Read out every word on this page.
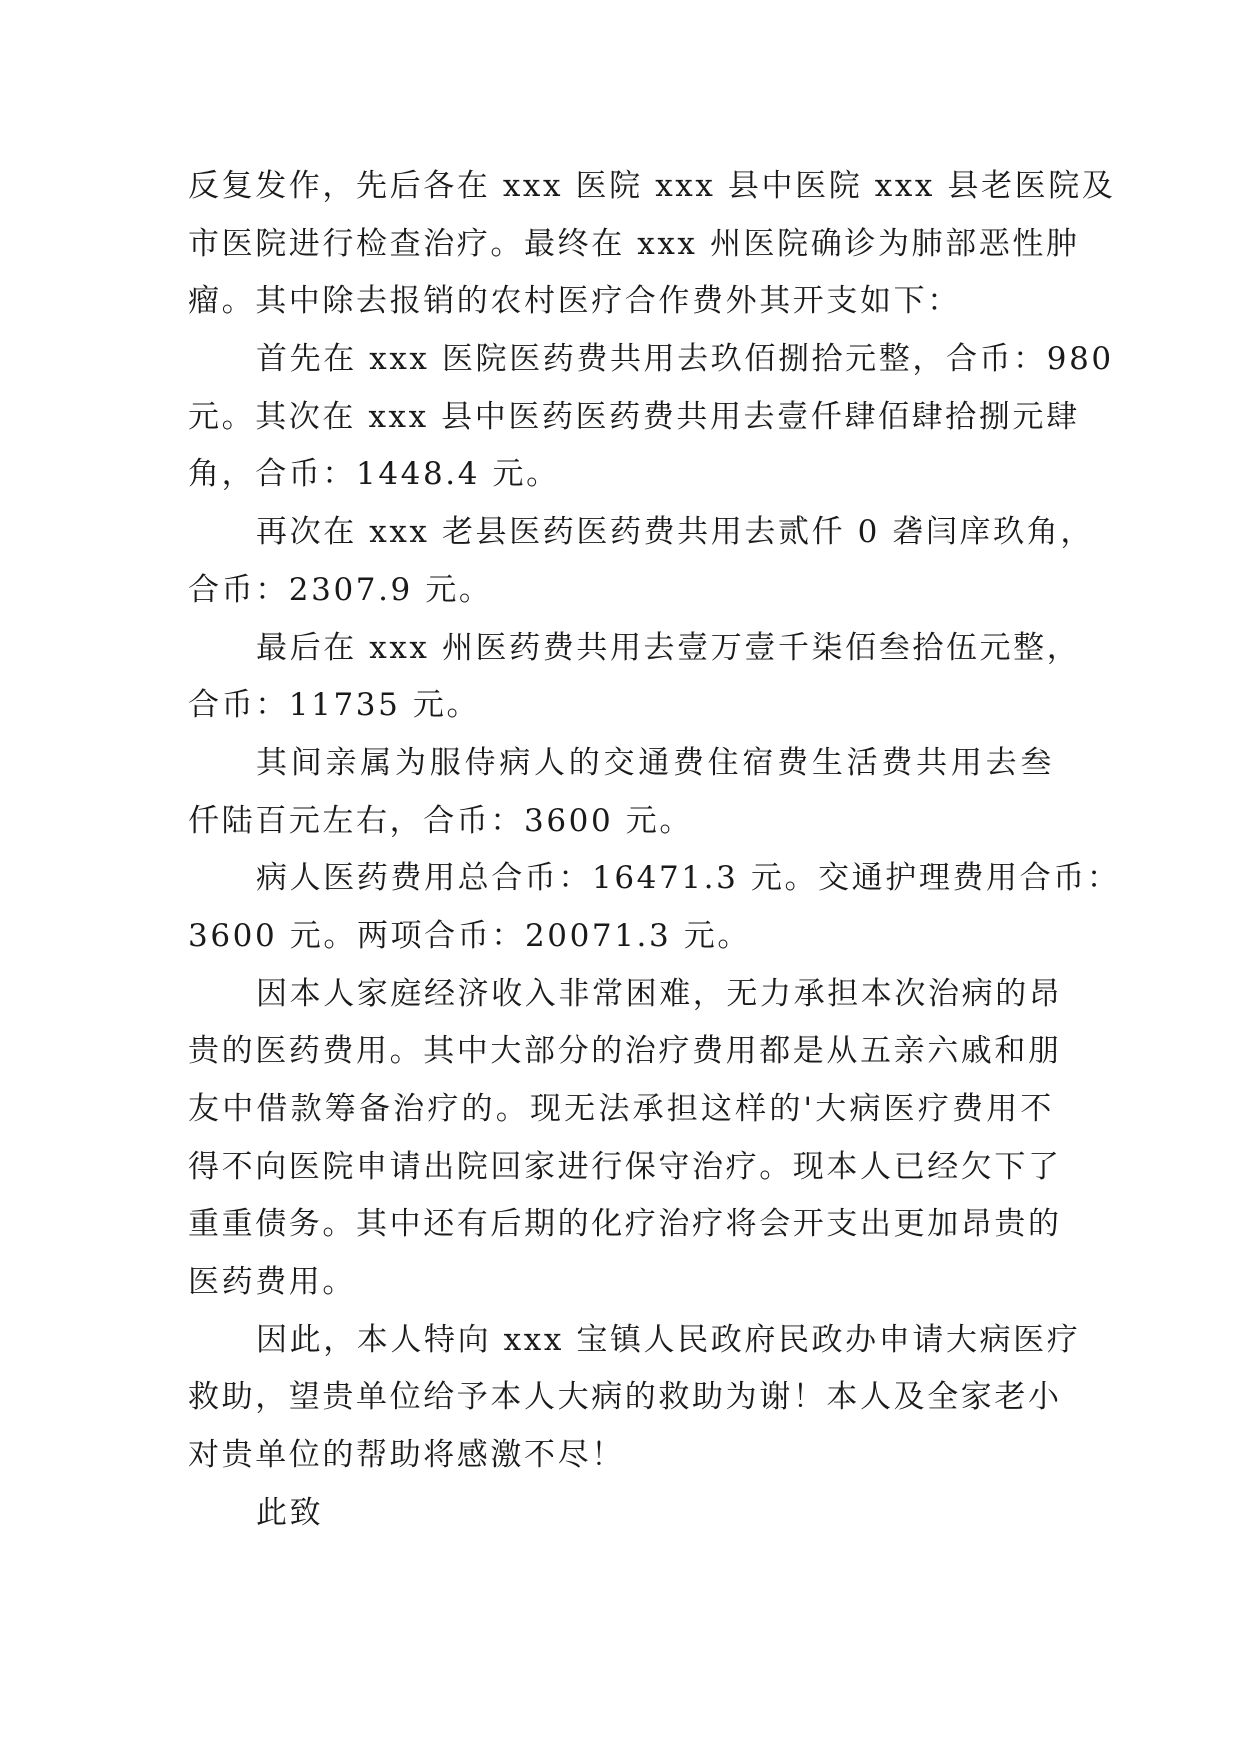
反复发作，先后各在 xxx 医院 xxx 县中医院 xxx 县老医院及
市医院进行检查治疗。最终在 xxx 州医院确诊为肺部恶性肿
瘤。其中除去报销的农村医疗合作费外其开支如下：
首先在 xxx 医院医药费共用去玖佰捌拾元整，合币：980
元。其次在 xxx 县中医药医药费共用去壹仟肆佰肆拾捌元肆
角，合币：1448.4 元。
再次在 xxx 老县医药医药费共用去贰仟 0 砻闫庠玖角，
合币：2307.9 元。
最后在 xxx 州医药费共用去壹万壹千柒佰叁拾伍元整，
合币：11735 元。
其间亲属为服侍病人的交通费住宿费生活费共用去叁
仟陆百元左右，合币：3600 元。
病人医药费用总合币：16471.3 元。交通护理费用合币：
3600 元。两项合币：20071.3 元。
因本人家庭经济收入非常困难，无力承担本次治病的昂
贵的医药费用。其中大部分的治疗费用都是从五亲六戚和朋
友中借款筹备治疗的。现无法承担这样的'大病医疗费用不
得不向医院申请出院回家进行保守治疗。现本人已经欠下了
重重债务。其中还有后期的化疗治疗将会开支出更加昂贵的
医药费用。
因此，本人特向 xxx 宝镇人民政府民政办申请大病医疗
救助，望贵单位给予本人大病的救助为谢！本人及全家老小
对贵单位的帮助将感激不尽！
此致
